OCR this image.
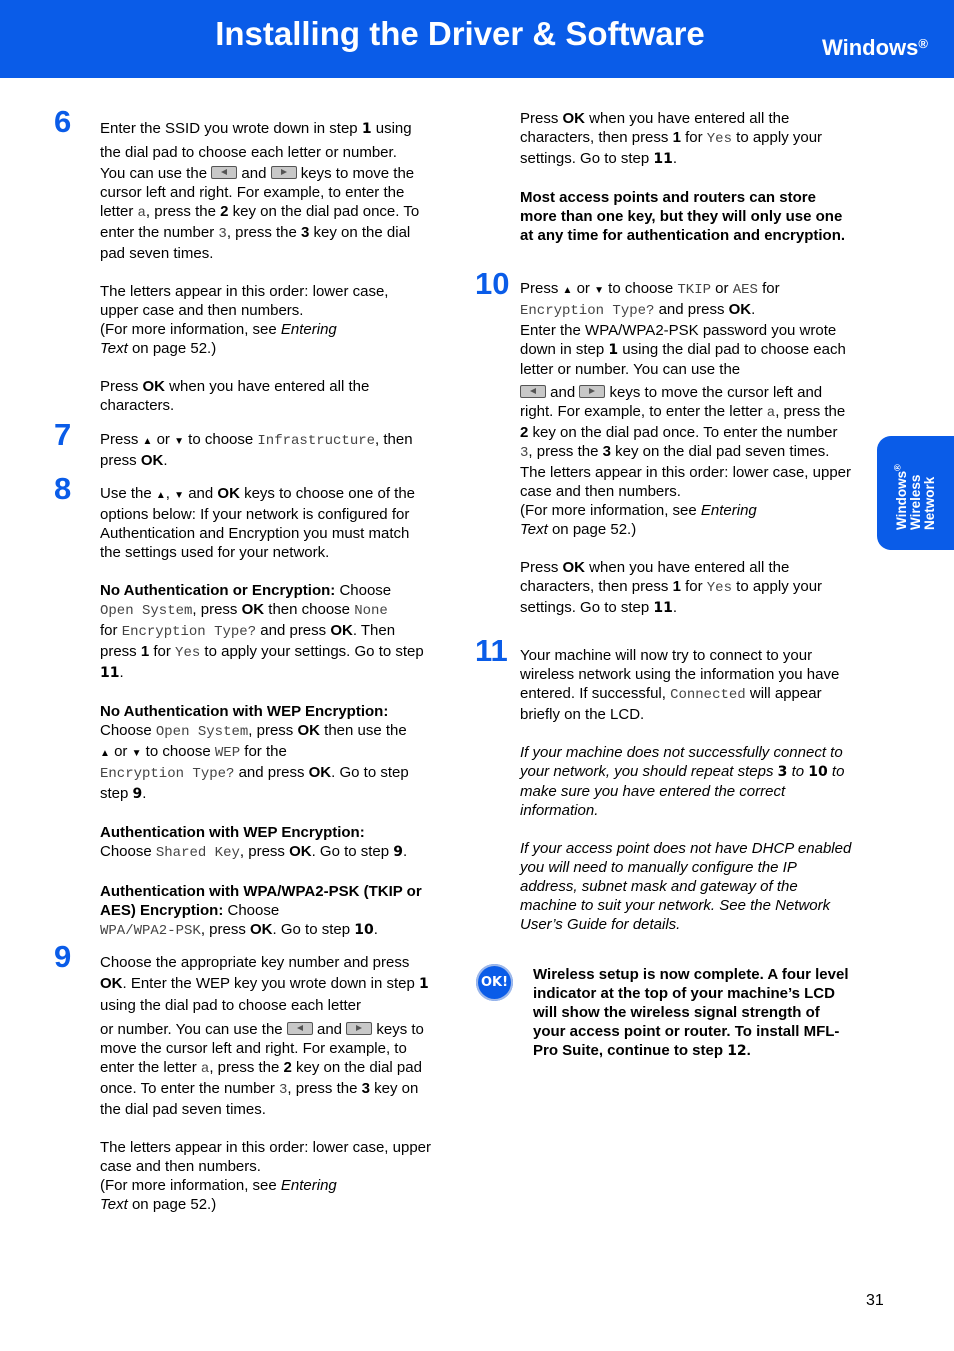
Installing the Driver & Software	Windows®
Windows®
Wireless Network
6 Enter the SSID you wrote down in step 1 using the dial pad to choose each letter or number.

You can use the  and  keys to move the cursor left and right. For example, to enter the letter a, press the 2 key on the dial pad once. To enter the number 3, press the 3 key on the dial pad seven times.

The letters appear in this order: lower case, upper case and then numbers.

(For more information, see Entering
Text on page 52.)

Press OK when you have entered all the characters.

7 Press ▲ or ▼ to choose Infrastructure, then press OK.

8 Use the ▲, ▼ and OK keys to choose one of the options below: If your network is configured for Authentication and Encryption you must match the settings used for your network.

No Authentication or Encryption: Choose
Open System, press OK then choose None
for Encryption Type? and press OK. Then press 1 for Yes to apply your settings. Go to step 11.

No Authentication with WEP Encryption:
Choose Open System, press OK then use the
▲ or ▼ to choose WEP for the
Encryption Type? and press OK. Go to step
step 9.

Authentication with WEP Encryption:
Choose Shared Key, press OK. Go to step 9.

Authentication with WPA/WPA2-PSK (TKIP or AES) Encryption: Choose
WPA/WPA2-PSK, press OK. Go to step 10.

9 Choose the appropriate key number and press OK. Enter the WEP key you wrote down in step 1 using the dial pad to choose each letter

or number. You can use the  and  keys to move the cursor left and right. For example, to enter the letter a, press the 2 key on the dial pad once. To enter the number 3, press the 3 key on the dial pad seven times.

The letters appear in this order: lower case, upper case and then numbers.

(For more information, see Entering
Text on page 52.)

Press OK when you have entered all the characters, then press 1 for Yes to apply your settings. Go to step 11.

Most access points and routers can store more than one key, but they will only use one at any time for authentication and encryption.

10 Press ▲ or ▼ to choose TKIP or AES for
Encryption Type? and press OK.

Enter the WPA/WPA2-PSK password you wrote down in step 1 using the dial pad to choose each letter or number. You can use the

and  keys to move the cursor left and right. For example, to enter the letter a, press the 2 key on the dial pad once. To enter the number 3, press the 3 key on the dial pad seven times.

The letters appear in this order: lower case, upper case and then numbers.

(For more information, see Entering
Text on page 52.)

Press OK when you have entered all the characters, then press 1 for Yes to apply your settings. Go to step 11.

11 Your machine will now try to connect to your wireless network using the information you have entered. If successful, Connected will appear briefly on the LCD.

If your machine does not successfully connect to your network, you should repeat steps 3 to 10 to make sure you have entered the correct information.

If your access point does not have DHCP enabled you will need to manually configure the IP address, subnet mask and gateway of the machine to suit your network. See the Network User’s Guide for details.

OK!	Wireless setup is now complete. A four level indicator at the top of your machine’s LCD will show the wireless signal strength of your access point or router. To install MFL-Pro Suite, continue to step 12.

31
